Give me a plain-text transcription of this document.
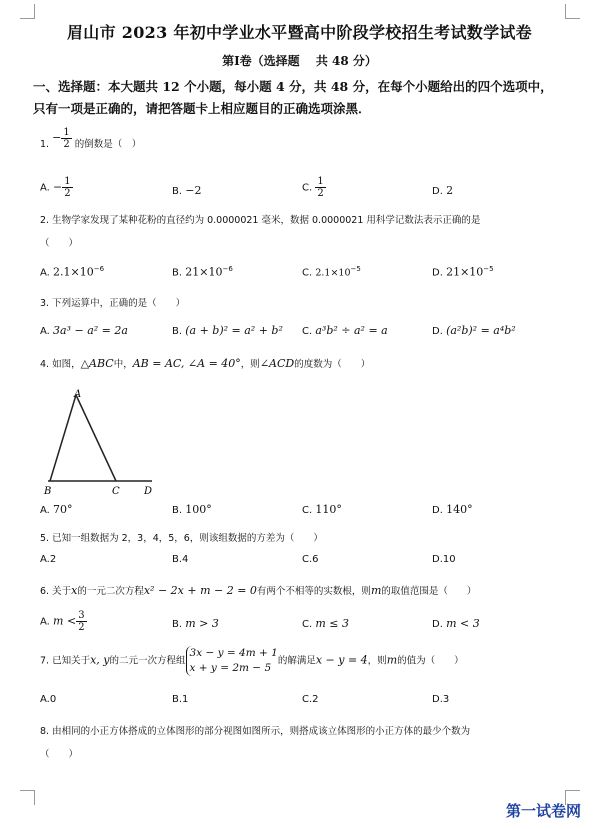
眉山市 2023 年初中学业水平暨高中阶段学校招生考试数学试卷
第Ⅰ卷（选择题　 共 48 分）
一、选择题：本大题共 12 个小题，每小题 4 分，共 48 分，在每个小题给出的四个选项中，
只有一项是正确的，请把答题卡上相应题目的正确选项涂黑．
1. − $\frac{1}{2}$ 的倒数是（　）
A. − $\frac{1}{2}$	B. −2	C. $\frac{1}{2}$	D. 2
2. 生物学家发现了某种花粉的直径约为 0.0000021 毫米，数据 0.0000021 用科学记数法表示正确的是
（　　）
A. $2.1\times 10^{-6}$	B. $21\times 10^{-6}$	C. $2.1\times 10^{-5}$	D. $21\times 10^{-5}$
3. 下列运算中，正确的是（　　）
A. 3a³ − a² = 2a	B. (a + b)² = a² + b² C. a³b² ÷ a² = a	D. (a²b)² = a⁴b²
4. 如图，△ABC中，AB = AC, ∠A = 40°，则∠ACD的度数为（　　）
A
B	C D
A. 70°	B. 100°	C. 110°	D. 140°
5. 已知一组数据为 2，3，4，5，6，则该组数据的方差为（　　）
A.2	B.4	C.6	D.10
6. 关于x的一元二次方程x² − 2x + m − 2 = 0有两个不相等的实数根，则m的取值范围是（　　）
A. $m < \frac{3}{2}$	B. m > 3	C. m ≤ 3	D. m < 3
7. 已知关于x, y的二元一次方程组
3x − y = 4m + 1
x + y = 2m − 5
的解满足x − y = 4，则m的值为（　　）
A.0	B.1	C.2	D.3
8. 由相同的小正方体搭成的立体图形的部分视图如图所示，则搭成该立体图形的小正方体的最少个数为
（　　）
第一试卷网
